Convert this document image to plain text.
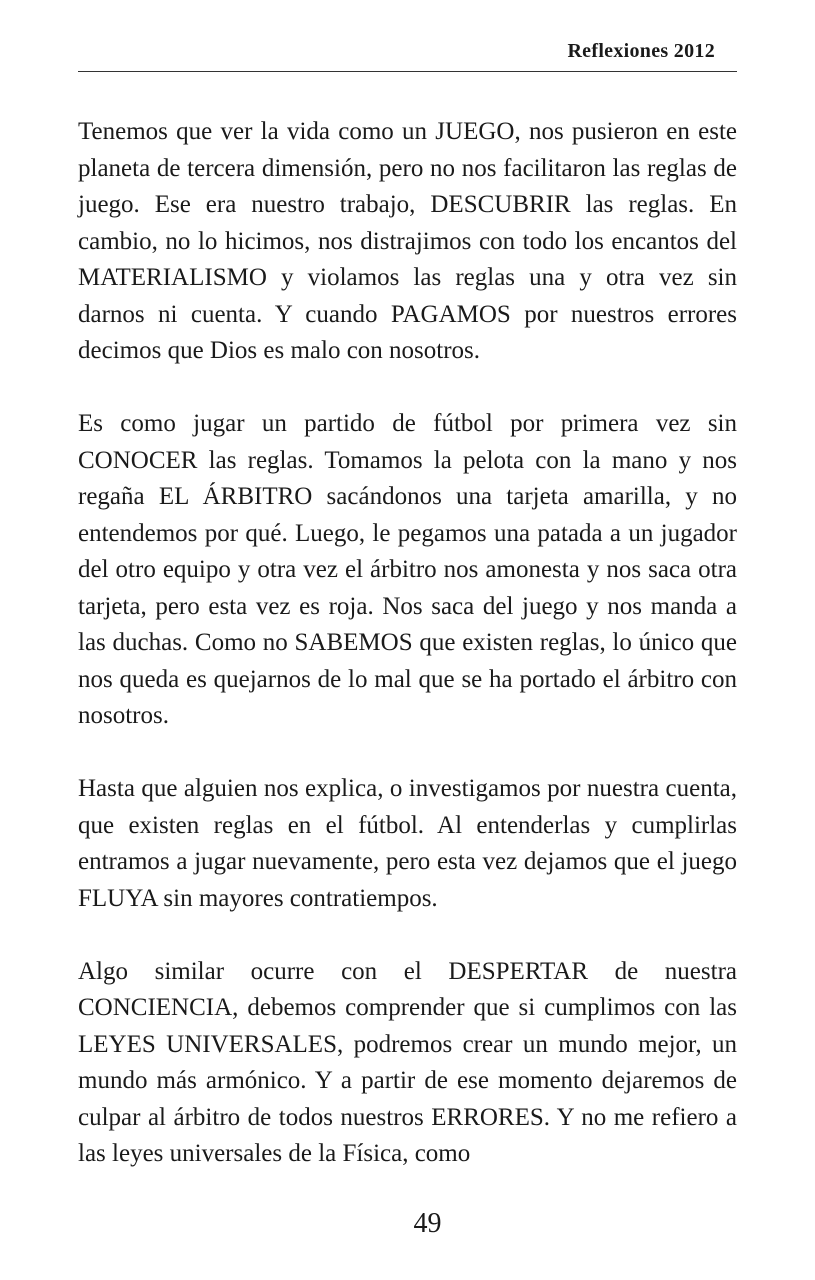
Reflexiones 2012

Tenemos que ver la vida como un JUEGO, nos pusieron en este planeta de tercera dimensión, pero no nos facilitaron las reglas de juego. Ese era nuestro trabajo, DESCUBRIR las reglas. En cambio, no lo hicimos, nos distrajimos con todo los encantos del MATERIALISMO y violamos las reglas una y otra vez sin darnos ni cuenta. Y cuando PAGAMOS por nuestros errores decimos que Dios es malo con nosotros.

Es como jugar un partido de fútbol por primera vez sin CONOCER las reglas. Tomamos la pelota con la mano y nos regaña EL ÁRBITRO sacándonos una tarjeta amarilla, y no entendemos por qué. Luego, le pegamos una patada a un jugador del otro equipo y otra vez el árbitro nos amonesta y nos saca otra tarjeta, pero esta vez es roja. Nos saca del juego y nos manda a las duchas. Como no SABEMOS que existen reglas, lo único que nos queda es quejarnos de lo mal que se ha portado el árbitro con nosotros.

Hasta que alguien nos explica, o investigamos por nuestra cuenta, que existen reglas en el fútbol. Al entenderlas y cumplirlas entramos a jugar nuevamente, pero esta vez dejamos que el juego FLUYA sin mayores contratiempos.

Algo similar ocurre con el DESPERTAR de nuestra CONCIENCIA, debemos comprender que si cumplimos con las LEYES UNIVERSALES, podremos crear un mundo mejor, un mundo más armónico. Y a partir de ese momento dejaremos de culpar al árbitro de todos nuestros ERRORES. Y no me refiero a las leyes universales de la Física, como

49
